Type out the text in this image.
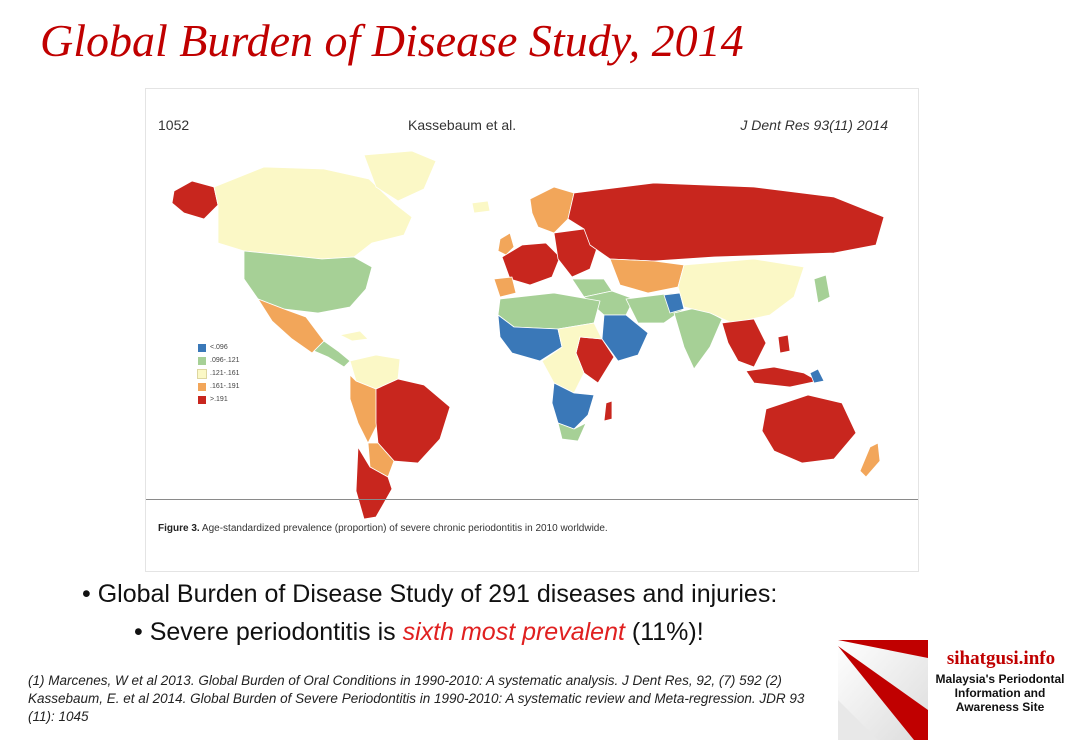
Global Burden of Disease Study, 2014
1052	Kassebaum et al.	J Dent Res 93(11) 2014
<.096
.096-.121
.121-.161
.161-.191
>.191
Figure 3. Age-standardized prevalence (proportion) of severe chronic periodontitis in 2010 worldwide.
• Global Burden of Disease Study of 291 diseases and injuries:
• Severe periodontitis is sixth most prevalent (11%)!
(1) Marcenes, W et al 2013. Global Burden of Oral Conditions in 1990-2010: A systematic analysis. J Dent Res, 92, (7) 592 (2) Kassebaum, E. et al 2014. Global Burden of Severe Periodontitis in 1990-2010: A systematic review and Meta-regression. JDR 93 (11): 1045
sihatgusi.info
Malaysia's Periodontal Information and Awareness Site
